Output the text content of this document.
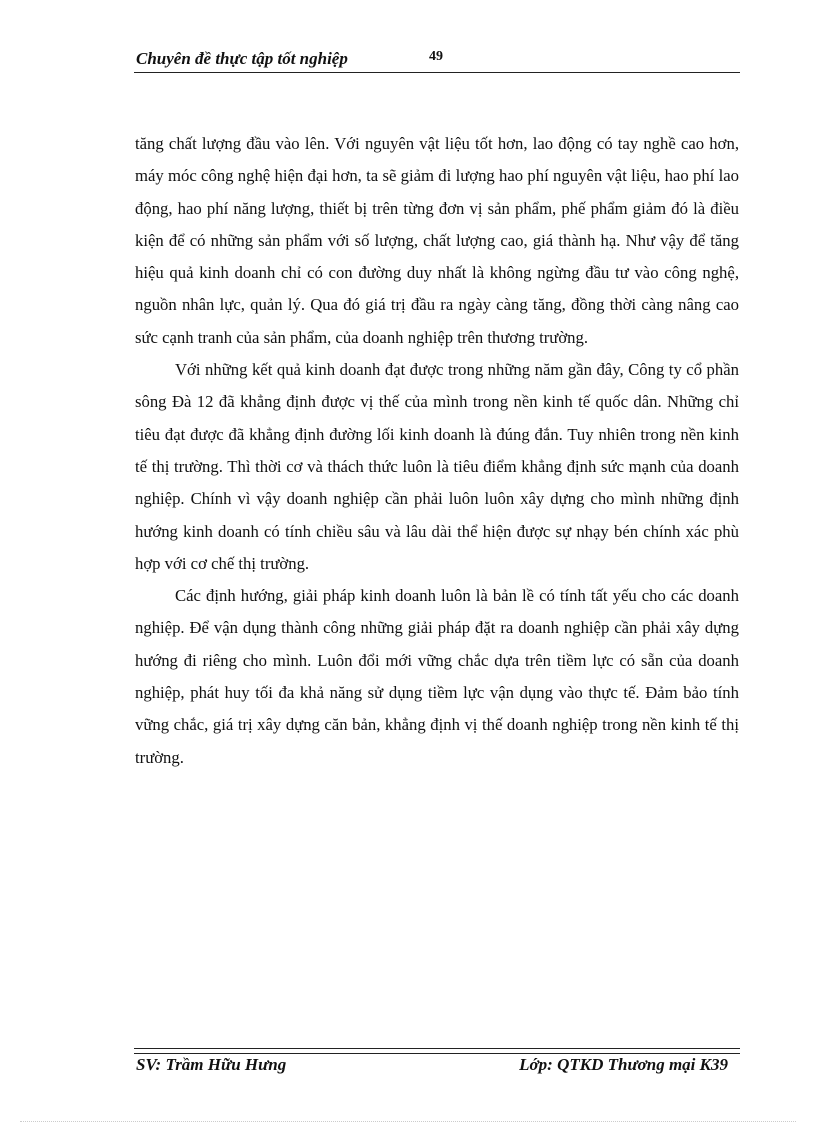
Chuyên đề thực tập tốt nghiệp	49

tăng chất lượng đầu vào lên. Với nguyên vật liệu tốt hơn, lao động có tay nghề cao hơn, máy móc công nghệ hiện đại hơn, ta sẽ giảm đi lượng hao phí nguyên vật liệu, hao phí lao động, hao phí năng lượng, thiết bị trên từng đơn vị sản phẩm, phế phẩm giảm đó là điều kiện để có những sản phẩm với số lượng, chất lượng cao, giá thành hạ. Như vậy để tăng hiệu quả kinh doanh chỉ có con đường duy nhất là không ngừng đầu tư vào công nghệ, nguồn nhân lực, quản lý. Qua đó giá trị đầu ra ngày càng tăng, đồng thời càng nâng cao sức cạnh tranh của sản phẩm, của doanh nghiệp trên thương trường.

Với những kết quả kinh doanh đạt được trong những năm gần đây, Công ty cổ phần sông Đà 12 đã khẳng định được vị thế của mình trong nền kinh tế quốc dân. Những chỉ tiêu đạt được đã khẳng định đường lối kinh doanh là đúng đắn. Tuy nhiên trong nền kinh tế thị trường. Thì thời cơ và thách thức luôn là tiêu điểm khẳng định sức mạnh của doanh nghiệp. Chính vì vậy doanh nghiệp cần phải luôn luôn xây dựng cho mình những định hướng kinh doanh có tính chiều sâu và lâu dài thể hiện được sự nhạy bén chính xác phù hợp với cơ chế thị trường.

Các định hướng, giải pháp kinh doanh luôn là bản lề có tính tất yếu cho các doanh nghiệp. Để vận dụng thành công những giải pháp đặt ra doanh nghiệp cần phải xây dựng hướng đi riêng cho mình. Luôn đổi mới vững chắc dựa trên tiềm lực có sẵn của doanh nghiệp, phát huy tối đa khả năng sử dụng tiềm lực vận dụng vào thực tế. Đảm bảo tính vững chắc, giá trị xây dựng căn bản, khẳng định vị thế doanh nghiệp trong nền kinh tế thị trường.

SV: Trầm Hữu Hưng	Lớp: QTKD Thương mại K39
